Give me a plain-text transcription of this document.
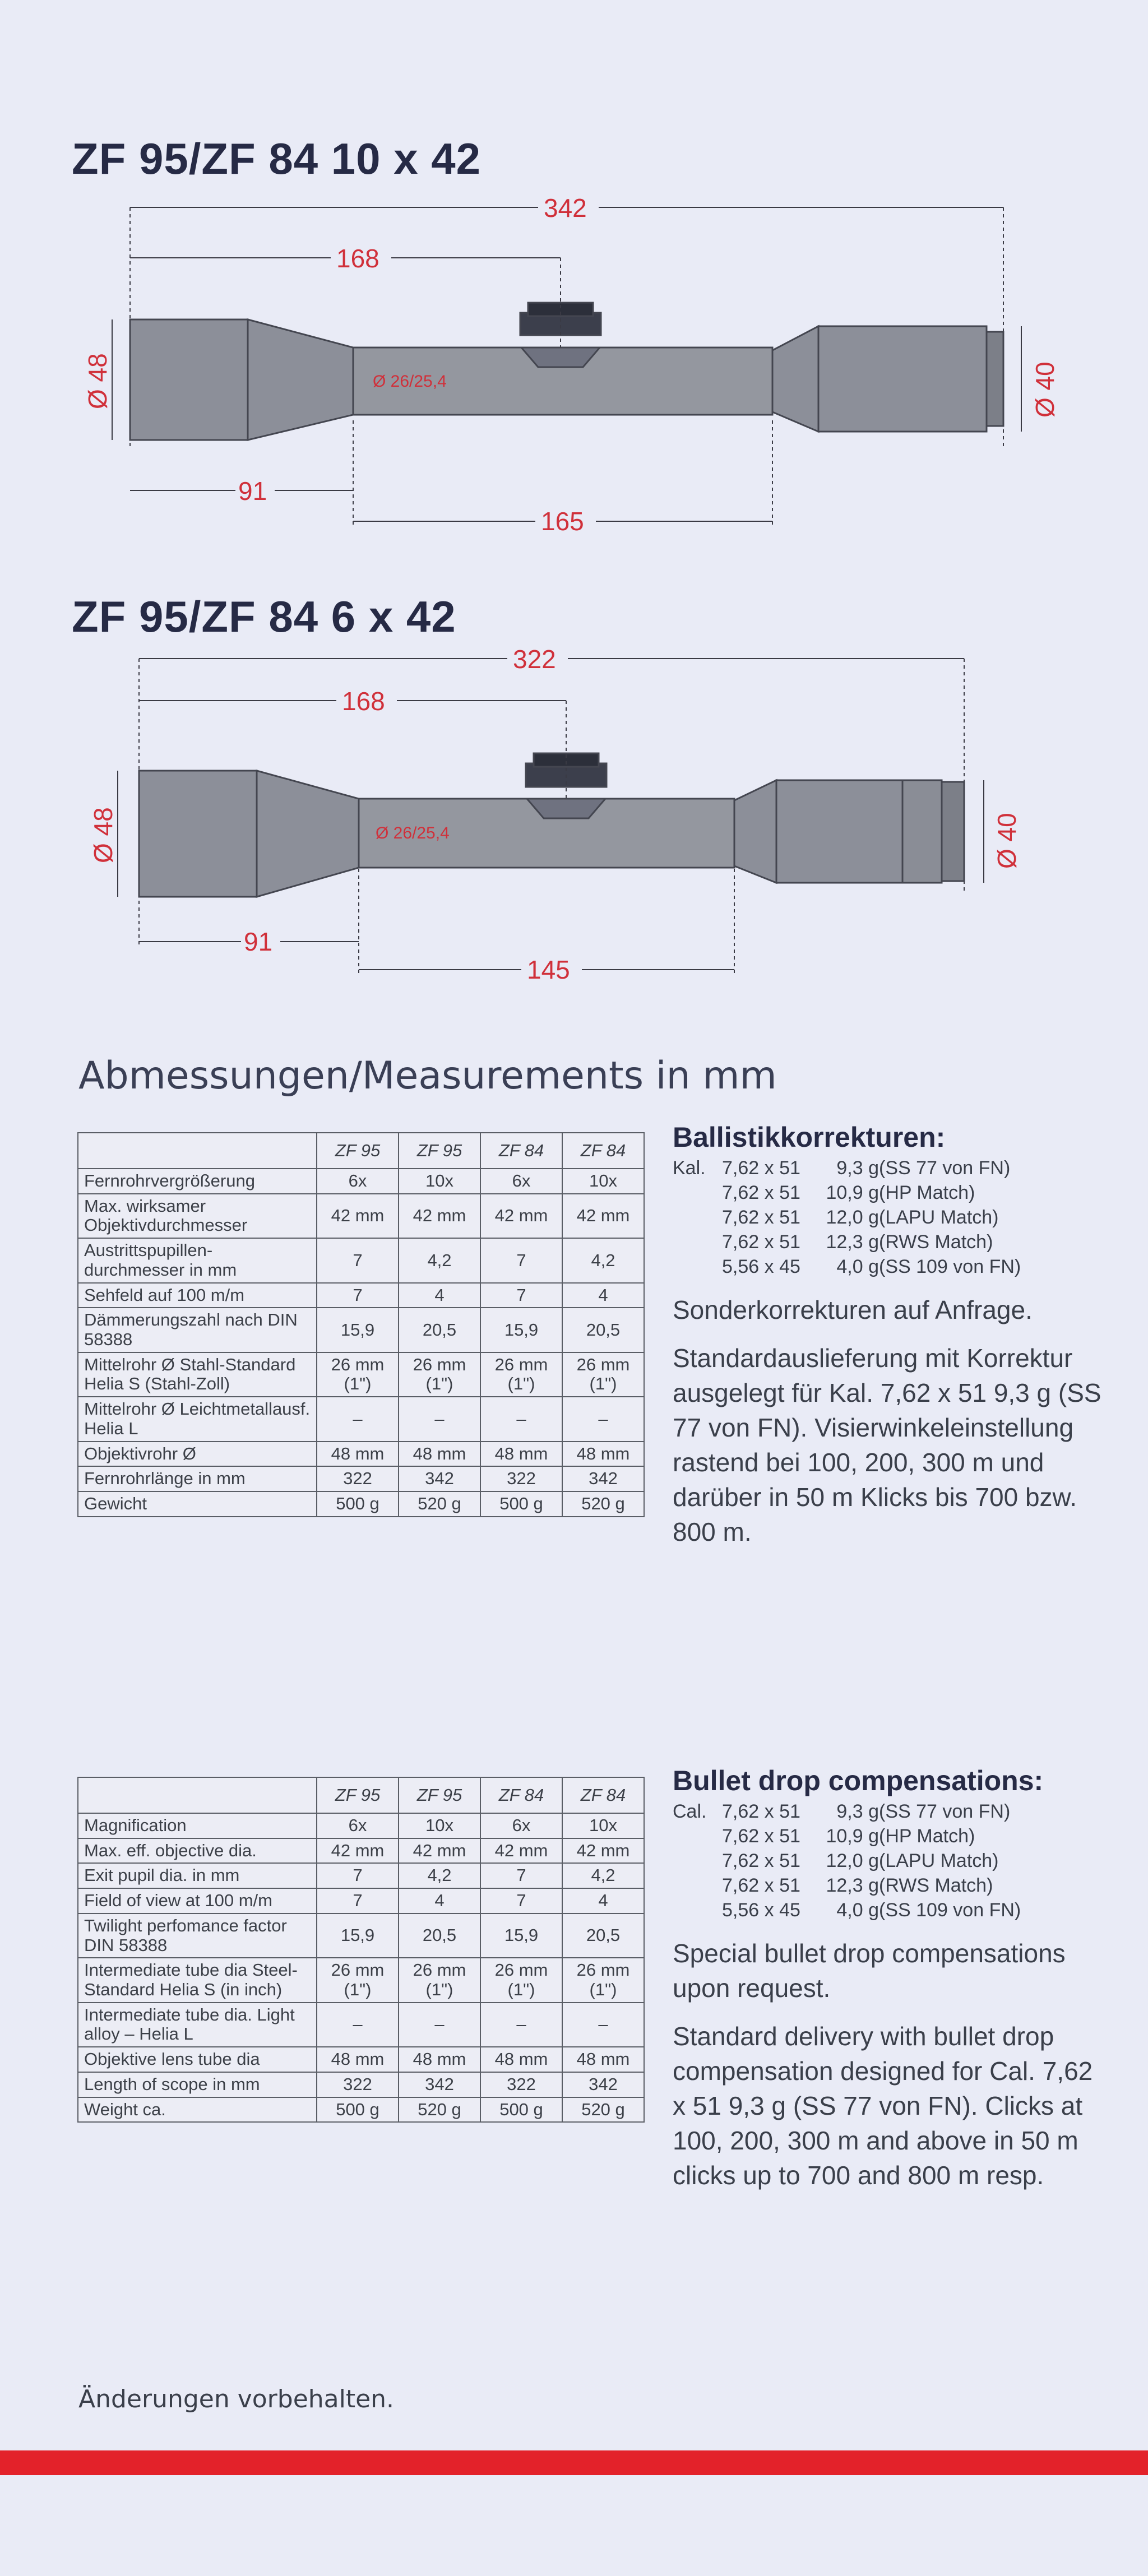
ZF 95/ZF 84 10 x 42
342
168
91
165
Ø 26/25,4
Ø 48	Ø 40
ZF 95/ZF 84 6 x 42
322
168
91
145
Ø 26/25,4
Ø 48	Ø 40
Abmessungen/Measurements in mm
	ZF 95	ZF 95	ZF 84	ZF 84
Fernrohrvergrößerung	6x	10x	6x	10x
Max. wirksamer Objektivdurchmesser	42 mm	42 mm	42 mm	42 mm
Austrittspupillen-durchmesser in mm	7	4,2	7	4,2
Sehfeld auf 100 m/m	7	4	7	4
Dämmerungszahl nach DIN 58388	15,9	20,5	15,9	20,5
Mittelrohr Ø Stahl-Standard Helia S (Stahl-Zoll)	26 mm (1")	26 mm (1")	26 mm (1")	26 mm (1")
Mittelrohr Ø Leichtmetallausf. Helia L	–	–	–	–
Objektivrohr Ø	48 mm	48 mm	48 mm	48 mm
Fernrohrlänge in mm	322	342	322	342
Gewicht	500 g	520 g	500 g	520 g
	ZF 95	ZF 95	ZF 84	ZF 84
Magnification	6x	10x	6x	10x
Max. eff. objective dia.	42 mm	42 mm	42 mm	42 mm
Exit pupil dia. in mm	7	4,2	7	4,2
Field of view at 100 m/m	7	4	7	4
Twilight perfomance factor DIN 58388	15,9	20,5	15,9	20,5
Intermediate tube dia Steel-Standard Helia S (in inch)	26 mm (1")	26 mm (1")	26 mm (1")	26 mm (1")
Intermediate tube dia. Light alloy – Helia L	–	–	–	–
Objektive lens tube dia	48 mm	48 mm	48 mm	48 mm
Length of scope in mm	322	342	322	342
Weight ca.	500 g	520 g	500 g	520 g
Ballistikkorrekturen:
Kal. 7,62 x 51	9,3 g (SS 77 von FN)
7,62 x 51	10,9 g (HP Match)
7,62 x 51	12,0 g (LAPU Match)
7,62 x 51	12,3 g (RWS Match)
5,56 x 45	4,0 g (SS 109 von FN)
Sonderkorrekturen auf Anfrage.
Standardauslieferung mit Korrektur ausgelegt für Kal. 7,62 x 51 9,3 g (SS 77 von FN). Visierwinkeleinstellung rastend bei 100, 200, 300 m und darüber in 50 m Klicks bis 700 bzw. 800 m.
Bullet drop compensations:
Cal. 7,62 x 51	9,3 g (SS 77 von FN)
7,62 x 51	10,9 g (HP Match)
7,62 x 51	12,0 g (LAPU Match)
7,62 x 51	12,3 g (RWS Match)
5,56 x 45	4,0 g (SS 109 von FN)
Special bullet drop compensations upon request.
Standard delivery with bullet drop compensation designed for Cal. 7,62 x 51 9,3 g (SS 77 von FN). Clicks at 100, 200, 300 m and above in 50 m clicks up to 700 and 800 m resp.
Änderungen vorbehalten.
